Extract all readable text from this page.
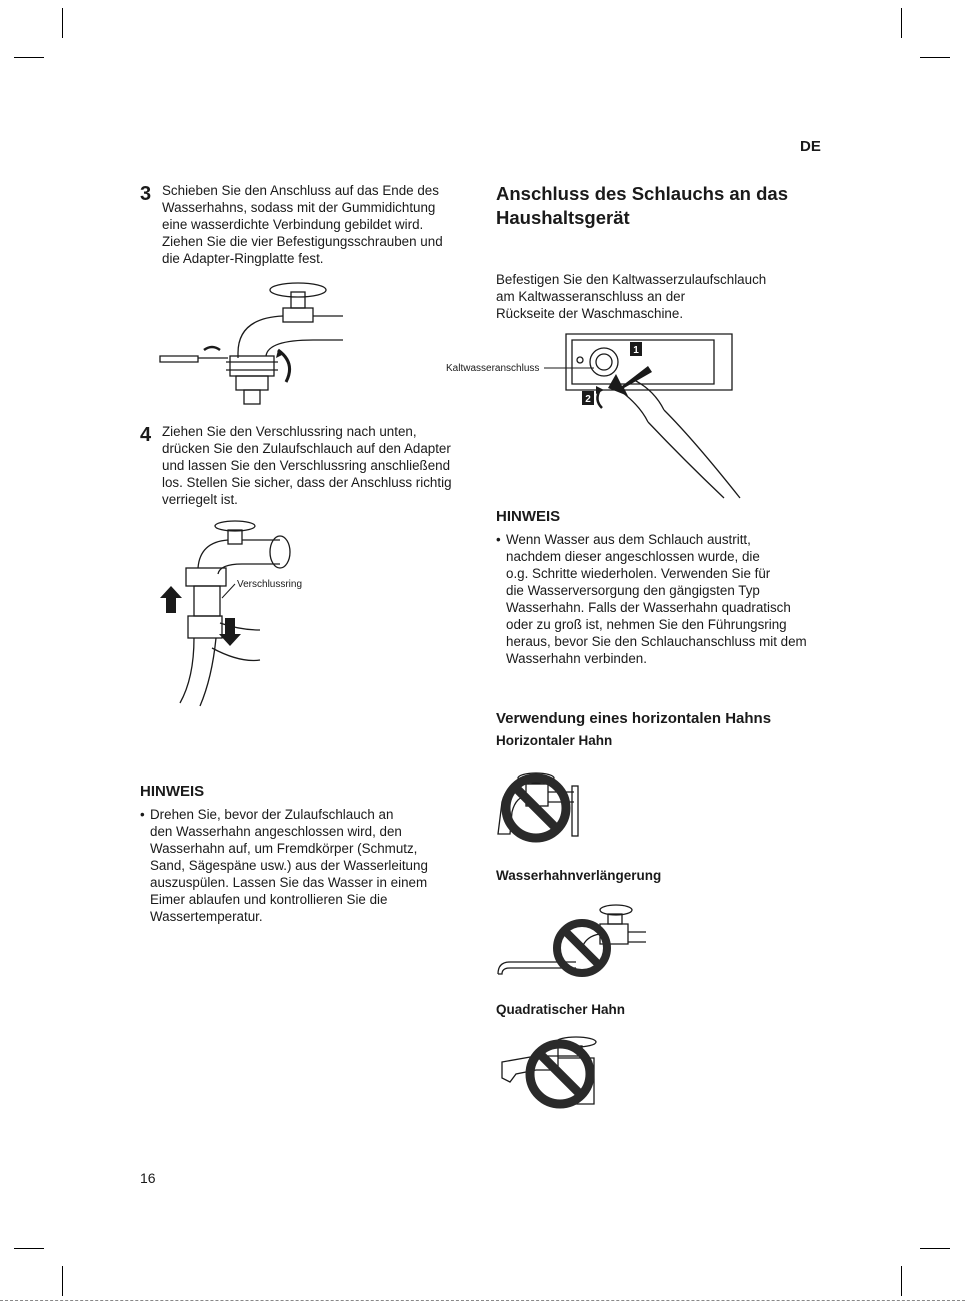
DE
3 Schieben Sie den Anschluss auf das Ende des
Wasserhahns, sodass mit der Gummidichtung
eine wasserdichte Verbindung gebildet wird.
Ziehen Sie die vier Befestigungsschrauben und
die Adapter-Ringplatte fest.
4 Ziehen Sie den Verschlussring nach unten,
drücken Sie den Zulaufschlauch auf den Adapter
und lassen Sie den Verschlussring anschließend
los. Stellen Sie sicher, dass der Anschluss richtig
verriegelt ist.
Verschlussring
HINWEIS
• Drehen Sie, bevor der Zulaufschlauch an
den Wasserhahn angeschlossen wird, den
Wasserhahn auf, um Fremdkörper (Schmutz,
Sand, Sägespäne usw.) aus der Wasserleitung
auszuspülen. Lassen Sie das Wasser in einem
Eimer ablaufen und kontrollieren Sie die
Wassertemperatur.
Anschluss des Schlauchs an das
Haushaltsgerät
Befestigen Sie den Kaltwasserzulaufschlauch
am Kaltwasseranschluss an der
Rückseite der Waschmaschine.
Kaltwasseranschluss
1
2
HINWEIS
• Wenn Wasser aus dem Schlauch austritt,
nachdem dieser angeschlossen wurde, die
o.g. Schritte wiederholen. Verwenden Sie für
die Wasserversorgung den gängigsten Typ
Wasserhahn. Falls der Wasserhahn quadratisch
oder zu groß ist, nehmen Sie den Führungsring
heraus, bevor Sie den Schlauchanschluss mit dem
Wasserhahn verbinden.
Verwendung eines horizontalen Hahns
Horizontaler Hahn
Wasserhahnverlängerung
Quadratischer Hahn
16
